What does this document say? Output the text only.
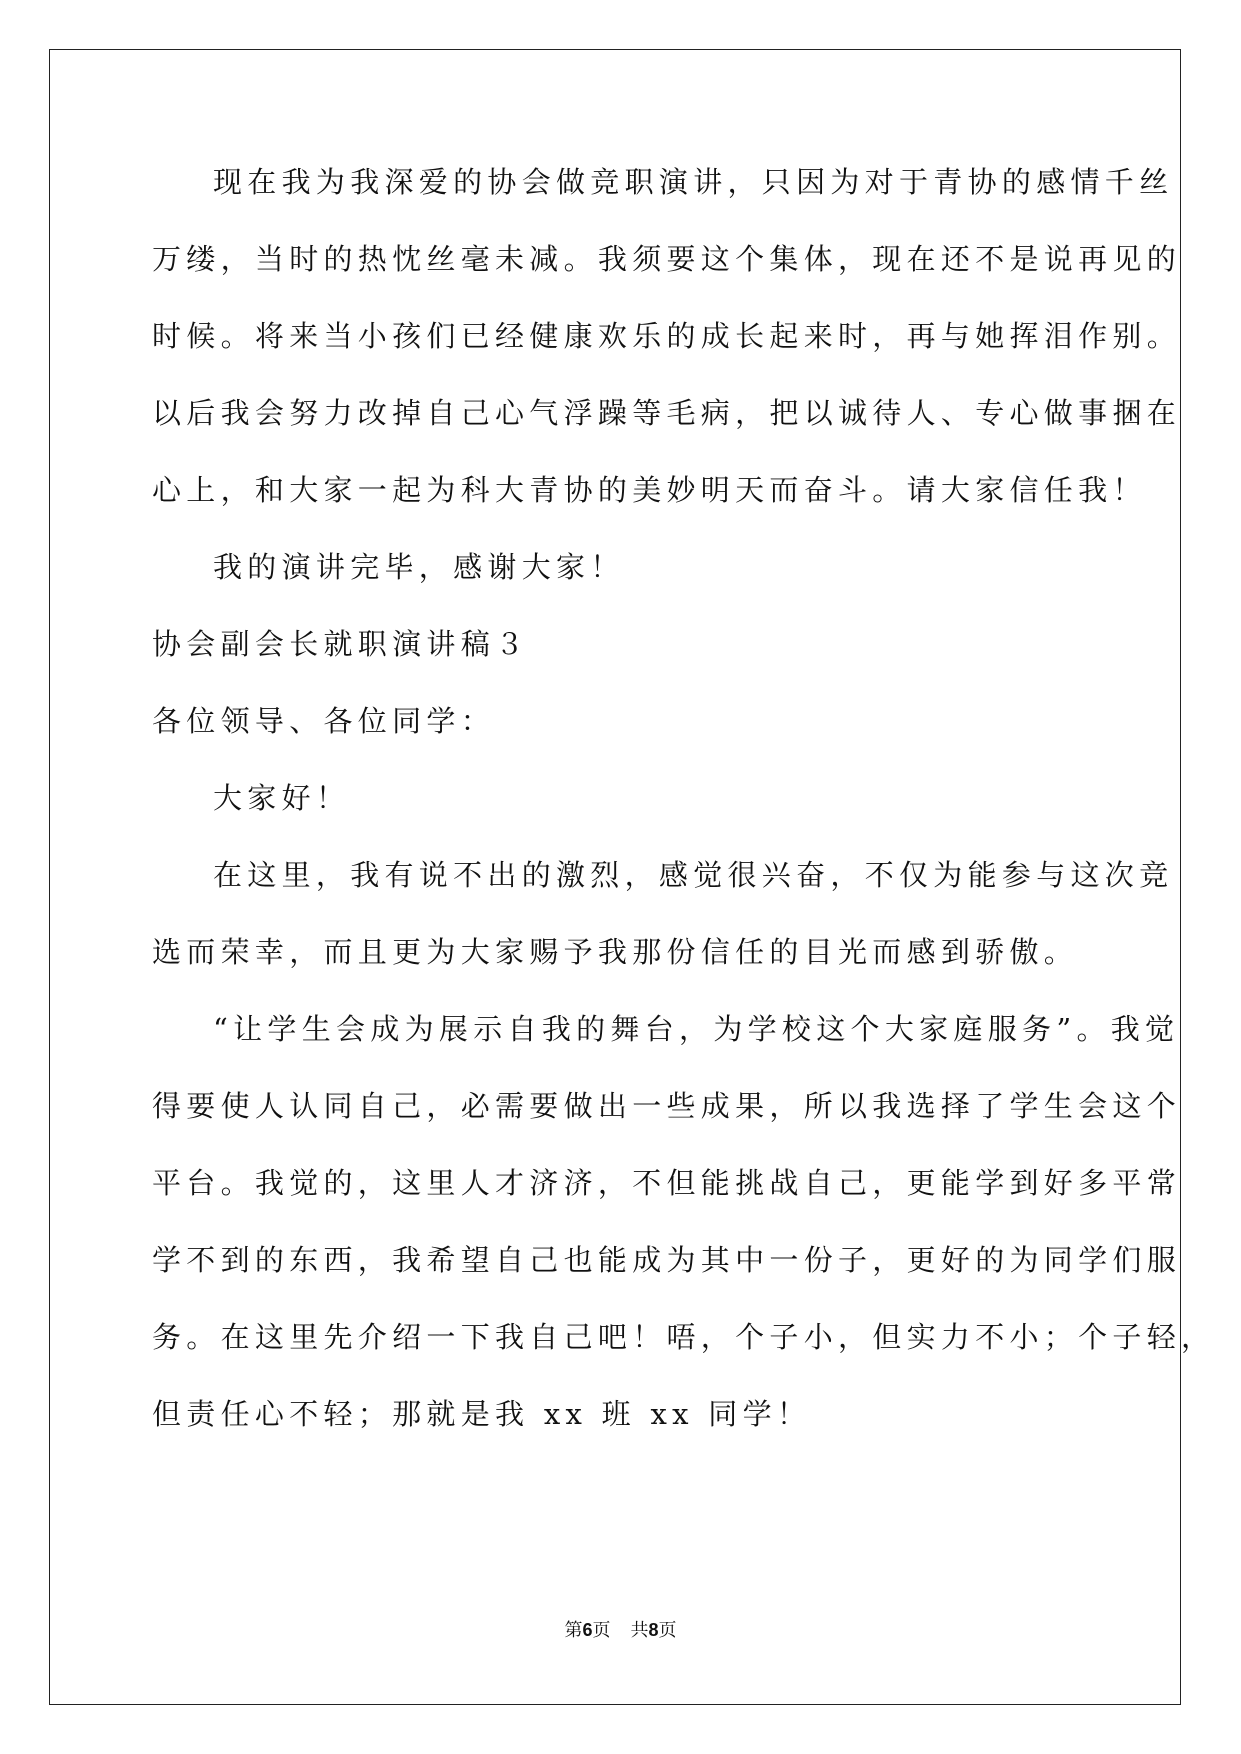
现在我为我深爱的协会做竞职演讲，只因为对于青协的感情千丝
万缕，当时的热忱丝毫未减。我须要这个集体，现在还不是说再见的
时候。将来当小孩们已经健康欢乐的成长起来时，再与她挥泪作别。
以后我会努力改掉自己心气浮躁等毛病，把以诚待人、专心做事捆在
心上，和大家一起为科大青协的美妙明天而奋斗。请大家信任我！
我的演讲完毕，感谢大家！
协会副会长就职演讲稿３
各位领导、各位同学：
大家好！
在这里，我有说不出的激烈，感觉很兴奋，不仅为能参与这次竞
选而荣幸，而且更为大家赐予我那份信任的目光而感到骄傲。
“让学生会成为展示自我的舞台，为学校这个大家庭服务”。我觉
得要使人认同自己，必需要做出一些成果，所以我选择了学生会这个
平台。我觉的，这里人才济济，不但能挑战自己，更能学到好多平常
学不到的东西，我希望自己也能成为其中一份子，更好的为同学们服
务。在这里先介绍一下我自己吧！唔，个子小，但实力不小；个子轻，
但责任心不轻；那就是我 xx 班 xx 同学！
第6页 共8页
